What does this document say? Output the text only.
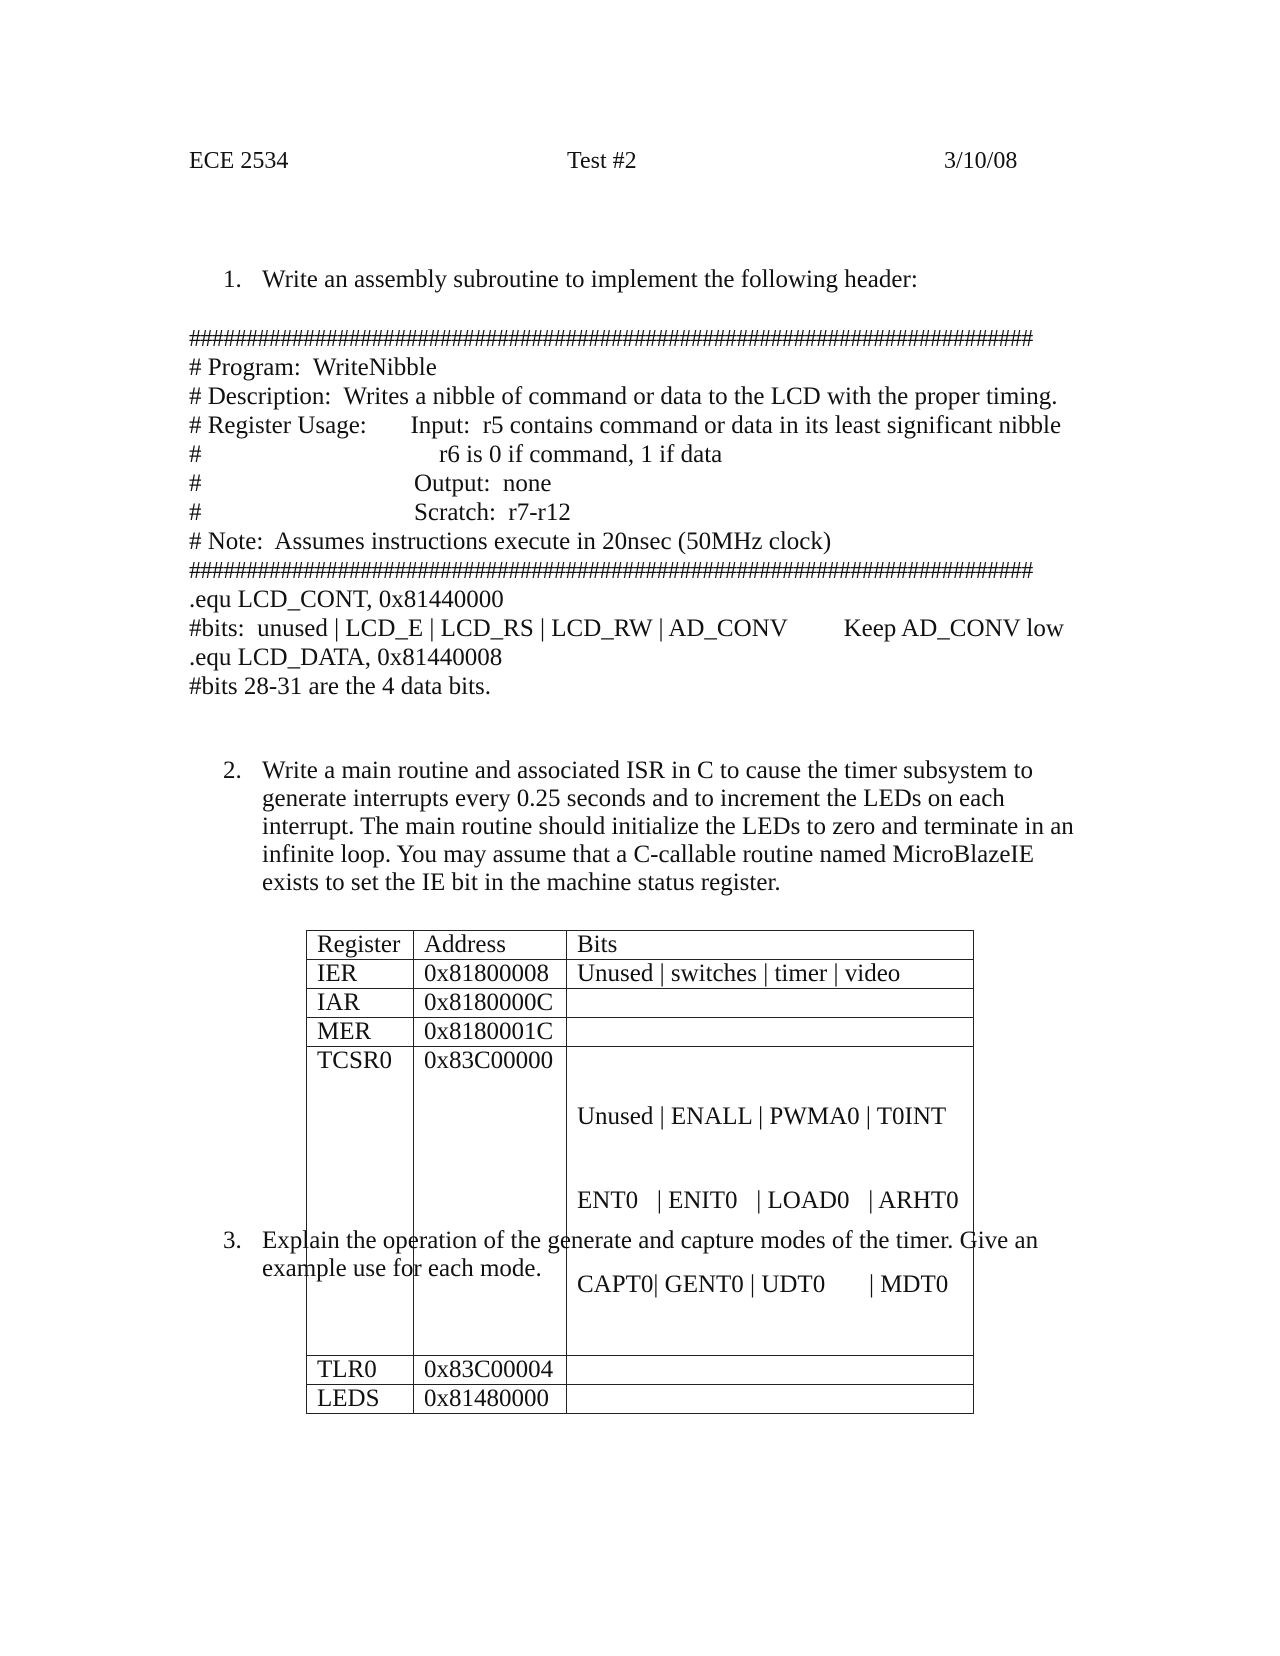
ECE 2534	Test #2	3/10/08
1. Write an assembly subroutine to implement the following header:
##########################################################################
# Program:  WriteNibble
# Description:  Writes a nibble of command or data to the LCD with the proper timing.
# Register Usage:       Input:  r5 contains command or data in its least significant nibble
#                                      r6 is 0 if command, 1 if data
#                                  Output:  none
#                                  Scratch:  r7-r12
# Note:  Assumes instructions execute in 20nsec (50MHz clock)
##########################################################################
.equ LCD_CONT, 0x81440000
#bits:  unused | LCD_E | LCD_RS | LCD_RW | AD_CONV         Keep AD_CONV low
.equ LCD_DATA, 0x81440008
#bits 28-31 are the 4 data bits.
2. Write a main routine and associated ISR in C to cause the timer subsystem to generate interrupts every 0.25 seconds and to increment the LEDs on each interrupt. The main routine should initialize the LEDs to zero and terminate in an infinite loop. You may assume that a C-callable routine named MicroBlazeIE exists to set the IE bit in the machine status register.
Register	Address	Bits
IER	0x81800008	Unused | switches | timer | video
IAR	0x8180000C	
MER	0x8180001C	
TCSR0	0x83C00000	Unused | ENALL | PWMA0 | T0INT

ENT0   | ENIT0   | LOAD0   | ARHT0

CAPT0| GENT0 | UDT0       | MDT0

TLR0	0x83C00004	
LEDS	0x81480000	
3. Explain the operation of the generate and capture modes of the timer. Give an example use for each mode.
